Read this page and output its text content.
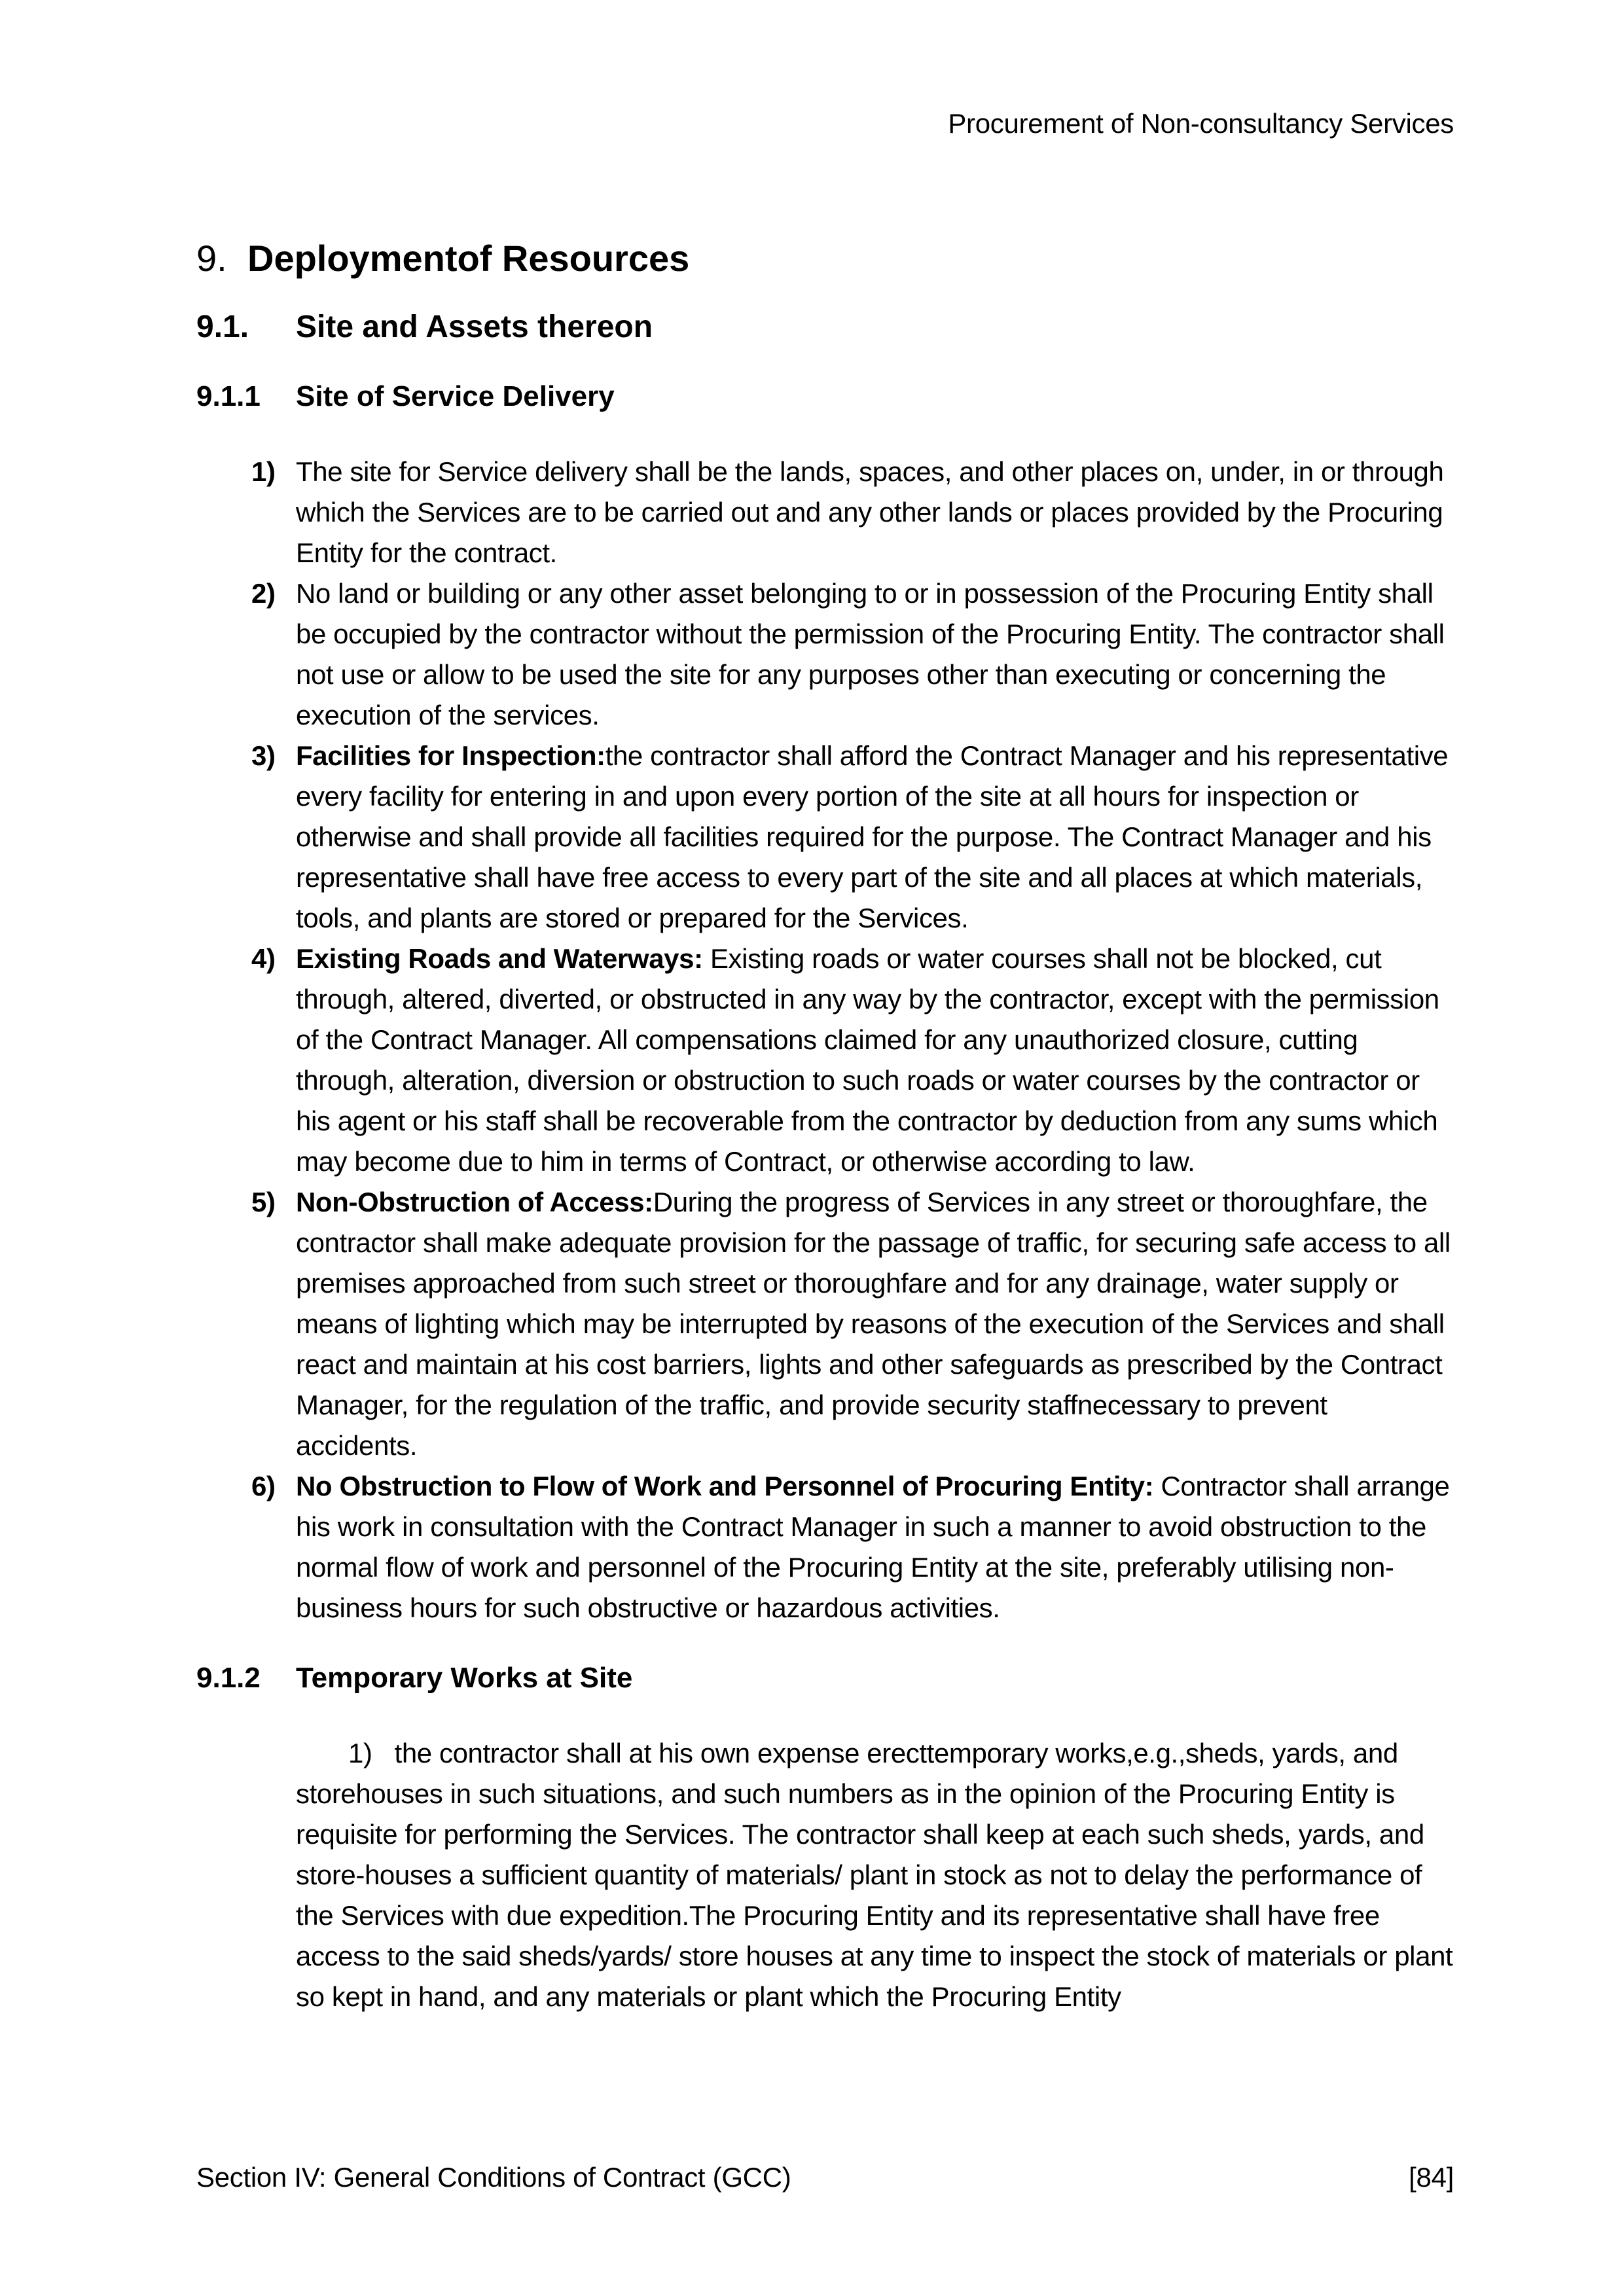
Procurement of Non-consultancy Services
9. Deploymentof Resources
9.1.	Site and Assets thereon
9.1.1	Site of Service Delivery
1) The site for Service delivery shall be the lands, spaces, and other places on, under, in or through which the Services are to be carried out and any other lands or places provided by the Procuring Entity for the contract.
2) No land or building or any other asset belonging to or in possession of the Procuring Entity shall be occupied by the contractor without the permission of the Procuring Entity. The contractor shall not use or allow to be used the site for any purposes other than executing or concerning the execution of the services.
3) Facilities for Inspection:the contractor shall afford the Contract Manager and his representative every facility for entering in and upon every portion of the site at all hours for inspection or otherwise and shall provide all facilities required for the purpose. The Contract Manager and his representative shall have free access to every part of the site and all places at which materials, tools, and plants are stored or prepared for the Services.
4) Existing Roads and Waterways: Existing roads or water courses shall not be blocked, cut through, altered, diverted, or obstructed in any way by the contractor, except with the permission of the Contract Manager. All compensations claimed for any unauthorized closure, cutting through, alteration, diversion or obstruction to such roads or water courses by the contractor or his agent or his staff shall be recoverable from the contractor by deduction from any sums which may become due to him in terms of Contract, or otherwise according to law.
5) Non-Obstruction of Access:During the progress of Services in any street or thoroughfare, the contractor shall make adequate provision for the passage of traffic, for securing safe access to all premises approached from such street or thoroughfare and for any drainage, water supply or means of lighting which may be interrupted by reasons of the execution of the Services and shall react and maintain at his cost barriers, lights and other safeguards as prescribed by the Contract Manager, for the regulation of the traffic, and provide security staffnecessary to prevent accidents.
6) No Obstruction to Flow of Work and Personnel of Procuring Entity: Contractor shall arrange his work in consultation with the Contract Manager in such a manner to avoid obstruction to the normal flow of work and personnel of the Procuring Entity at the site, preferably utilising non-business hours for such obstructive or hazardous activities.
9.1.2	Temporary Works at Site
1) the contractor shall at his own expense erecttemporary works,e.g.,sheds, yards, and storehouses in such situations, and such numbers as in the opinion of the Procuring Entity is requisite for performing the Services. The contractor shall keep at each such sheds, yards, and store-houses a sufficient quantity of materials/ plant in stock as not to delay the performance of the Services with due expedition.The Procuring Entity and its representative shall have free access to the said sheds/yards/ store houses at any time to inspect the stock of materials or plant so kept in hand, and any materials or plant which the Procuring Entity
Section IV: General Conditions of Contract (GCC)	[84]
